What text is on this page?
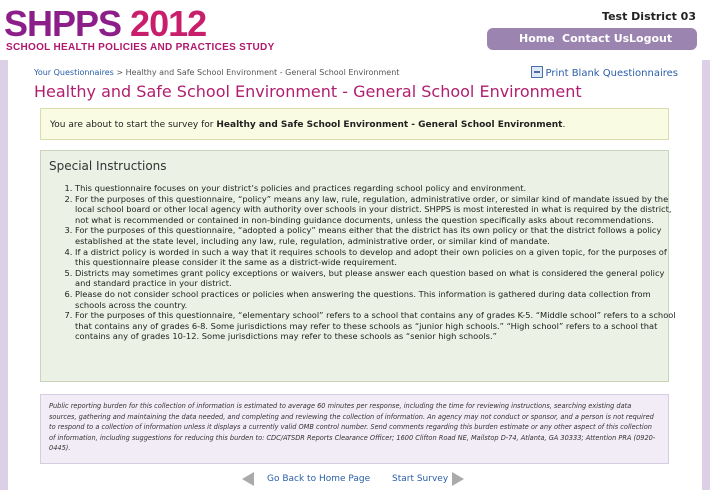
SHPPS 2012
SCHOOL HEALTH POLICIES AND PRACTICES STUDY
Test District 03
Home Contact Us Logout
Your Questionnaires > Healthy and Safe School Environment - General School Environment	Print Blank Questionnaires
Healthy and Safe School Environment - General School Environment
You are about to start the survey for Healthy and Safe School Environment - General School Environment.
Special Instructions
1. This questionnaire focuses on your district’s policies and practices regarding school policy and environment.
2. For the purposes of this questionnaire, “policy” means any law, rule, regulation, administrative order, or similar kind of mandate issued by the local school board or other local agency with authority over schools in your district. SHPPS is most interested in what is required by the district, not what is recommended or contained in non-binding guidance documents, unless the question specifically asks about recommendations.
3. For the purposes of this questionnaire, “adopted a policy” means either that the district has its own policy or that the district follows a policy established at the state level, including any law, rule, regulation, administrative order, or similar kind of mandate.
4. If a district policy is worded in such a way that it requires schools to develop and adopt their own policies on a given topic, for the purposes of this questionnaire please consider it the same as a district-wide requirement.
5. Districts may sometimes grant policy exceptions or waivers, but please answer each question based on what is considered the general policy and standard practice in your district.
6. Please do not consider school practices or policies when answering the questions. This information is gathered during data collection from schools across the country.
7. For the purposes of this questionnaire, “elementary school” refers to a school that contains any of grades K-5. “Middle school” refers to a school that contains any of grades 6-8. Some jurisdictions may refer to these schools as “junior high schools.” “High school” refers to a school that contains any of grades 10-12. Some jurisdictions may refer to these schools as “senior high schools.”
Public reporting burden for this collection of information is estimated to average 60 minutes per response, including the time for reviewing instructions, searching existing data sources, gathering and maintaining the data needed, and completing and reviewing the collection of information. An agency may not conduct or sponsor, and a person is not required to respond to a collection of information unless it displays a currently valid OMB control number. Send comments regarding this burden estimate or any other aspect of this collection of information, including suggestions for reducing this burden to: CDC/ATSDR Reports Clearance Officer; 1600 Clifton Road NE, Mailstop D-74, Atlanta, GA 30333; Attention PRA (0920-0445).
Go Back to Home Page Start Survey
